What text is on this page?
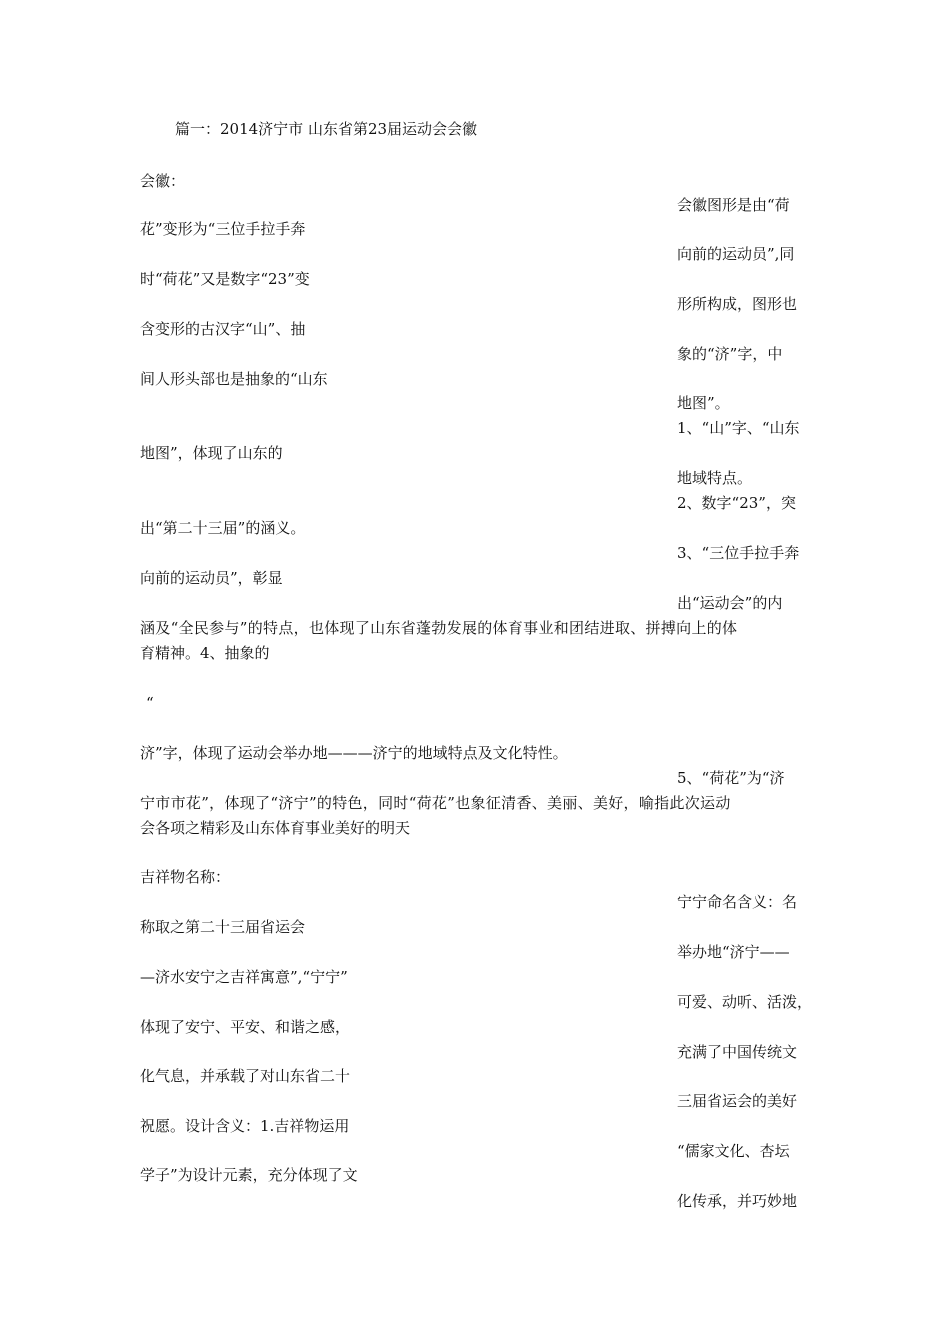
篇一：2014济宁市 山东省第23届运动会会徽

会徽：

会徽图形是由“荷

花”变形为“三位手拉手奔

向前的运动员”,同

时“荷花”又是数字“23”变

形所构成，图形也

含变形的古汉字“山”、抽

象的“济”字，中

间人形头部也是抽象的“山东

地图”。

1、“山”字、“山东

地图”，体现了山东的

地域特点。

2、数字“23”，突

出“第二十三届”的涵义。

3、“三位手拉手奔

向前的运动员”，彰显

出“运动会”的内

涵及“全民参与”的特点，也体现了山东省蓬勃发展的体育事业和团结进取、拼搏向上的体

育精神。4、抽象的

“

济”字，体现了运动会举办地———济宁的地域特点及文化特性。

5、“荷花”为“济

宁市市花”，体现了“济宁”的特色，同时“荷花”也象征清香、美丽、美好，喻指此次运动

会各项之精彩及山东体育事业美好的明天

吉祥物名称：

宁宁命名含义：名

称取之第二十三届省运会

举办地“济宁——

—济水安宁之吉祥寓意”,“宁宁”

可爱、动听、活泼，

体现了安宁、平安、和谐之感，

充满了中国传统文

化气息，并承载了对山东省二十

三届省运会的美好

祝愿。设计含义：1.吉祥物运用

“儒家文化、杏坛

学子”为设计元素，充分体现了文

化传承，并巧妙地
